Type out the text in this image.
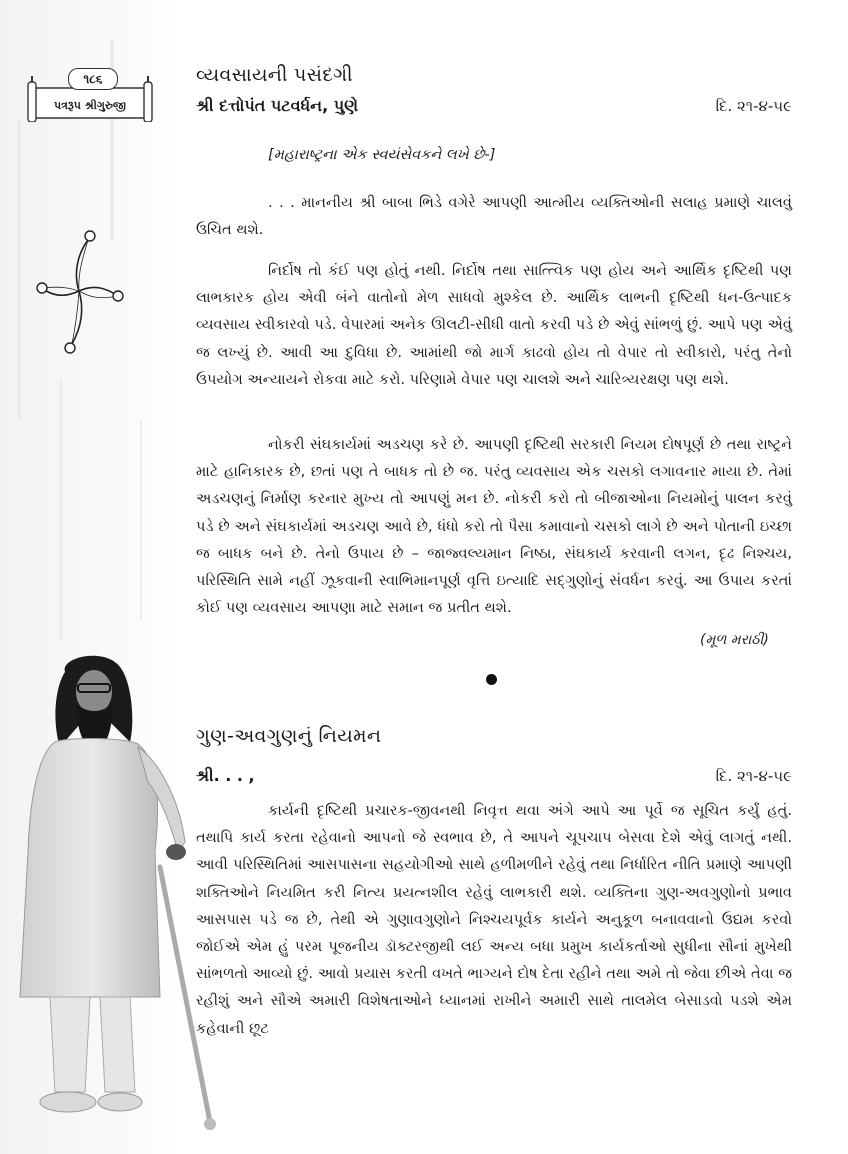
૧૮૬
પત્રરૂપ શ્રીગુરુજી
વ્યવસાયની પસંદગી
શ્રી દત્તોપંત પટવર્ધન, પુણે	દિ. ૨૧-૪-૫૯
[મહારાષ્ટ્રના એક સ્વયંસેવકને લખે છે-]

. . . માનનીય શ્રી બાબા ભિડે વગેરે આપણી આત્મીય વ્યક્તિઓની સલાહ પ્રમાણે ચાલવું ઉચિત થશે.

નિર્દોષ તો કંઈ પણ હોતું નથી. નિર્દોષ તથા સાત્ત્વિક પણ હોય અને આર્થિક દૃષ્ટિથી પણ લાભકારક હોય એવી બંને વાતોનો મેળ સાધવો મુશ્કેલ છે. આર્થિક લાભની દૃષ્ટિથી ધન-ઉત્પાદક વ્યવસાય સ્વીકારવો પડે. વેપારમાં અનેક ઊલટી-સીધી વાતો કરવી પડે છે એવું સાંભળું છું. આપે પણ એવું જ લખ્યું છે. આવી આ દુવિધા છે. આમાંથી જો માર્ગ કાઢવો હોય તો વેપાર તો સ્વીકારો, પરંતુ તેનો ઉપયોગ અન્યાયને રોકવા માટે કરો. પરિણામે વેપાર પણ ચાલશે અને ચારિત્ર્યરક્ષણ પણ થશે.

નોકરી સંઘકાર્યમાં અડચણ કરે છે. આપણી દૃષ્ટિથી સરકારી નિયમ દોષપૂર્ણ છે તથા રાષ્ટ્રને માટે હાનિકારક છે, છતાં પણ તે બાધક તો છે જ. પરંતુ વ્યવસાય એક ચસકો લગાવનાર માયા છે. તેમાં અડચણનું નિર્માણ કરનાર મુખ્ય તો આપણું મન છે. નોકરી કરો તો બીજાઓના નિયમોનું પાલન કરવું પડે છે અને સંઘકાર્યમાં અડચણ આવે છે, ધંધો કરો તો પૈસા કમાવાનો ચસકો લાગે છે અને પોતાની ઇચ્છા જ બાધક બને છે. તેનો ઉપાય છે – જાજ્વલ્યમાન નિષ્ઠા, સંઘકાર્ય કરવાની લગન, દૃઢ નિશ્ચય, પરિસ્થિતિ સામે નહીં ઝૂકવાની સ્વાભિમાનપૂર્ણ વૃત્તિ ઇત્યાદિ સદ્‌ગુણોનું સંવર્ધન કરવું. આ ઉપાય કરતાં કોઈ પણ વ્યવસાય આપણા માટે સમાન જ પ્રતીત થશે.

(મૂળ મરાઠી)
ગુણ-અવગુણનું નિયમન
શ્રી. . . ,	દિ. ૨૧-૪-૫૯

કાર્યની દૃષ્ટિથી પ્રચારક-જીવનથી નિવૃત્ત થવા અંગે આપે આ પૂર્વે જ સૂચિત કર્યું હતું. તથાપિ કાર્ય કરતા રહેવાનો આપનો જે સ્વભાવ છે, તે આપને ચૂપચાપ બેસવા દેશે એવું લાગતું નથી. આવી પરિસ્થિતિમાં આસપાસના સહયોગીઓ સાથે હળીમળીને રહેવું તથા નિર્ધારિત નીતિ પ્રમાણે આપણી શક્તિઓને નિયમિત કરી નિત્ય પ્રયત્નશીલ રહેવું લાભકારી થશે. વ્યક્તિના ગુણ-અવગુણોનો પ્રભાવ આસપાસ પડે જ છે, તેથી એ ગુણાવગુણોને નિશ્ચયપૂર્વક કાર્યને અનુકૂળ બનાવવાનો ઉદ્યમ કરવો જોઈએ એમ હું પરમ પૂજનીય ડૉક્ટરજીથી લઈ અન્ય બધા પ્રમુખ કાર્યકર્તાઓ સુધીના સૌનાં મુખેથી સાંભળતો આવ્યો છું. આવો પ્રયાસ કરતી વખતે ભાગ્યને દોષ દેતા રહીને તથા અમે તો જેવા છીએ તેવા જ રહીશું અને સૌએ અમારી વિશેષતાઓને ધ્યાનમાં રાખીને અમારી સાથે તાલમેલ બેસાડવો પડશે એમ કહેવાની છૂટ
